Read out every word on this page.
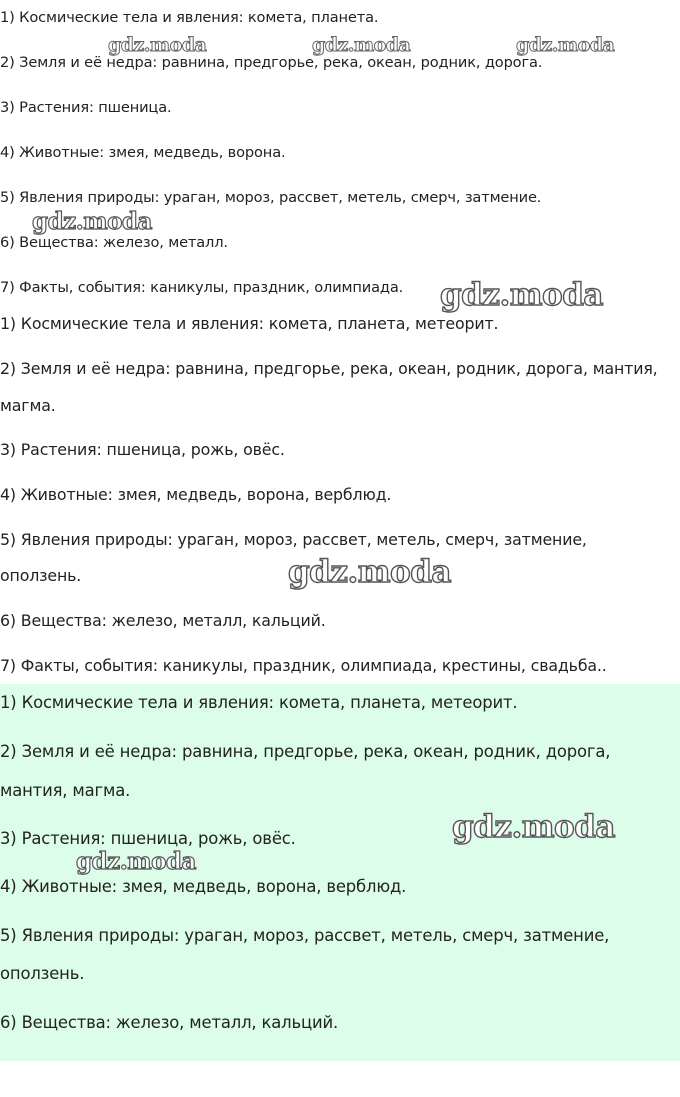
1) Космические тела и явления: комета, планета.
2) Земля и её недра: равнина, предгорье, река, океан, родник, дорога.
3) Растения: пшеница.
4) Животные: змея, медведь, ворона.
5) Явления природы: ураган, мороз, рассвет, метель, смерч, затмение.
6) Вещества: железо, металл.
7) Факты, события: каникулы, праздник, олимпиада.
1) Космические тела и явления: комета, планета, метеорит.
2) Земля и её недра: равнина, предгорье, река, океан, родник, дорога, мантия,
магма.
3) Растения: пшеница, рожь, овёс.
4) Животные: змея, медведь, ворона, верблюд.
5) Явления природы: ураган, мороз, рассвет, метель, смерч, затмение,
оползень.
6) Вещества: железо, металл, кальций.
7) Факты, события: каникулы, праздник, олимпиада, крестины, свадьба..
1) Космические тела и явления: комета, планета, метеорит.
2) Земля и её недра: равнина, предгорье, река, океан, родник, дорога,
мантия, магма.
3) Растения: пшеница, рожь, овёс.
4) Животные: змея, медведь, ворона, верблюд.
5) Явления природы: ураган, мороз, рассвет, метель, смерч, затмение,
оползень.
6) Вещества: железо, металл, кальций.
gdz.moda	gdz.moda	gdz.moda
gdz.moda
gdz.moda
gdz.moda
gdz.moda
gdz.moda
